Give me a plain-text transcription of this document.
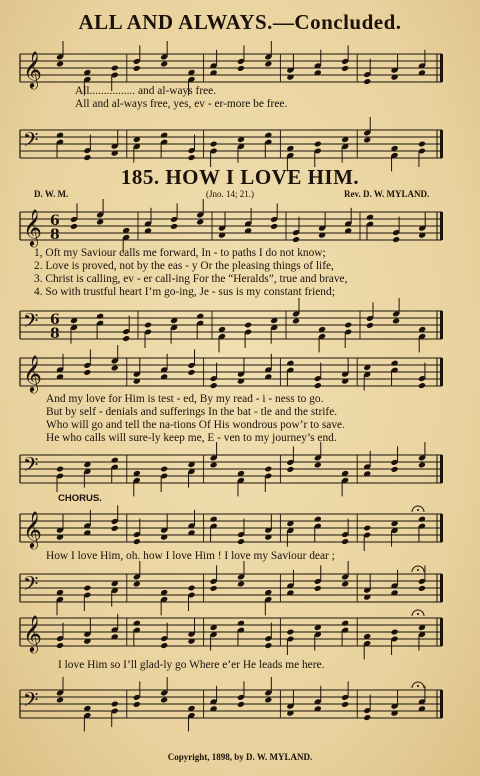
ALL AND ALWAYS.—Concluded.
𝄞
All................ and al-ways free.
All and al-ways free, yes, ev - er-more be free.
𝄢
185. HOW I LOVE HIM.
D. W. M.	(Jno. 14; 21.)	Rev. D. W. MYLAND.
𝄞 6
8
1, Oft my Saviour calls me forward, In - to paths I do not know;
2. Love is proved, not by the eas - y Or the pleasing things of life,
3. Christ is calling, ev - er call-ing For the “Heralds”, true and brave,
4. So with trustful heart I’m go-ing, Je - sus is my constant friend;
𝄢 6
8
𝄞
And my love for Him is test - ed, By my read - i - ness to go.
But by self - denials and sufferings In the bat - tle and the strife.
Who will go and tell the na-tions Of His wondrous pow’r to save.
He who calls will sure-ly keep me, E - ven to my journey’s end.
𝄢
CHORUS.
𝄞
How I love Him, oh. how I love Him ! I love my Saviour dear ;
𝄢
𝄞
I love Him so I’ll glad-ly go Where e’er He leads me here.
𝄢
Copyright, 1898, by D. W. MYLAND.
